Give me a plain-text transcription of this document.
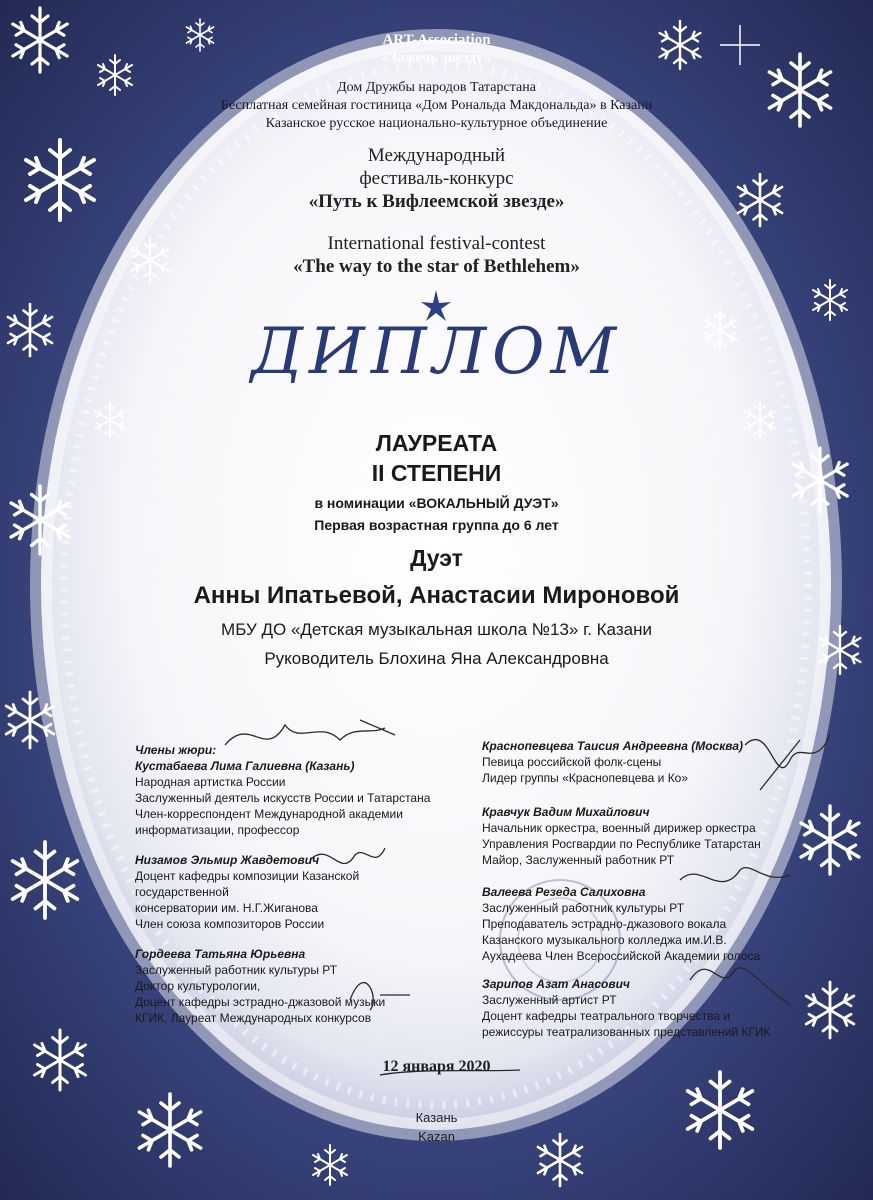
ART-Association
«Зажечь звезду»
Дом Дружбы народов Татарстана
Бесплатная семейная гостиница «Дом Рональда Макдональда» в Казани
Казанское русское национально-культурное объединение
Международный
фестиваль-конкурс
«Путь к Вифлеемской звезде»
International festival-contest
«The way to the star of Bethlehem»
ДИПЛОМ
ЛАУРЕАТА
II СТЕПЕНИ
в номинации «ВОКАЛЬНЫЙ ДУЭТ»
Первая возрастная группа до 6 лет
Дуэт
Анны Ипатьевой, Анастасии Мироновой
МБУ ДО «Детская музыкальная школа №13» г. Казани
Руководитель Блохина Яна Александровна
Члены жюри:
Кустабаева Лима Галиевна (Казань)
Народная артистка России
Заслуженный деятель искусств России и Татарстана
Член-корреспондент Международной академии
информатизации, профессор
Низамов Эльмир Жавдетович
Доцент кафедры композиции Казанской
государственной
консерватории им. Н.Г.Жиганова
Член союза композиторов России
Гордеева Татьяна Юрьевна
Заслуженный работник культуры РТ
Доктор культурологии,
Доцент кафедры эстрадно-джазовой музыки
КГИК, Лауреат Международных конкурсов
Краснопевцева Таисия Андреевна (Москва)
Певица российской фолк-сцены
Лидер группы «Краснопевцева и Ко»
Кравчук Вадим Михайлович
Начальник оркестра, военный дирижер оркестра
Управления Росгвардии по Республике Татарстан
Майор, Заслуженный работник РТ
Валеева Резеда Салиховна
Заслуженный работник культуры РТ
Преподаватель эстрадно-джазового вокала
Казанского музыкального колледжа им.И.В.
Аухадеева Член Всероссийской Академии голоса
Зарипов Азат Анасович
Заслуженный артист РТ
Доцент кафедры театрального творчества и
режиссуры театрализованных представлений КГИК
12 января 2020
Казань
Kazan
